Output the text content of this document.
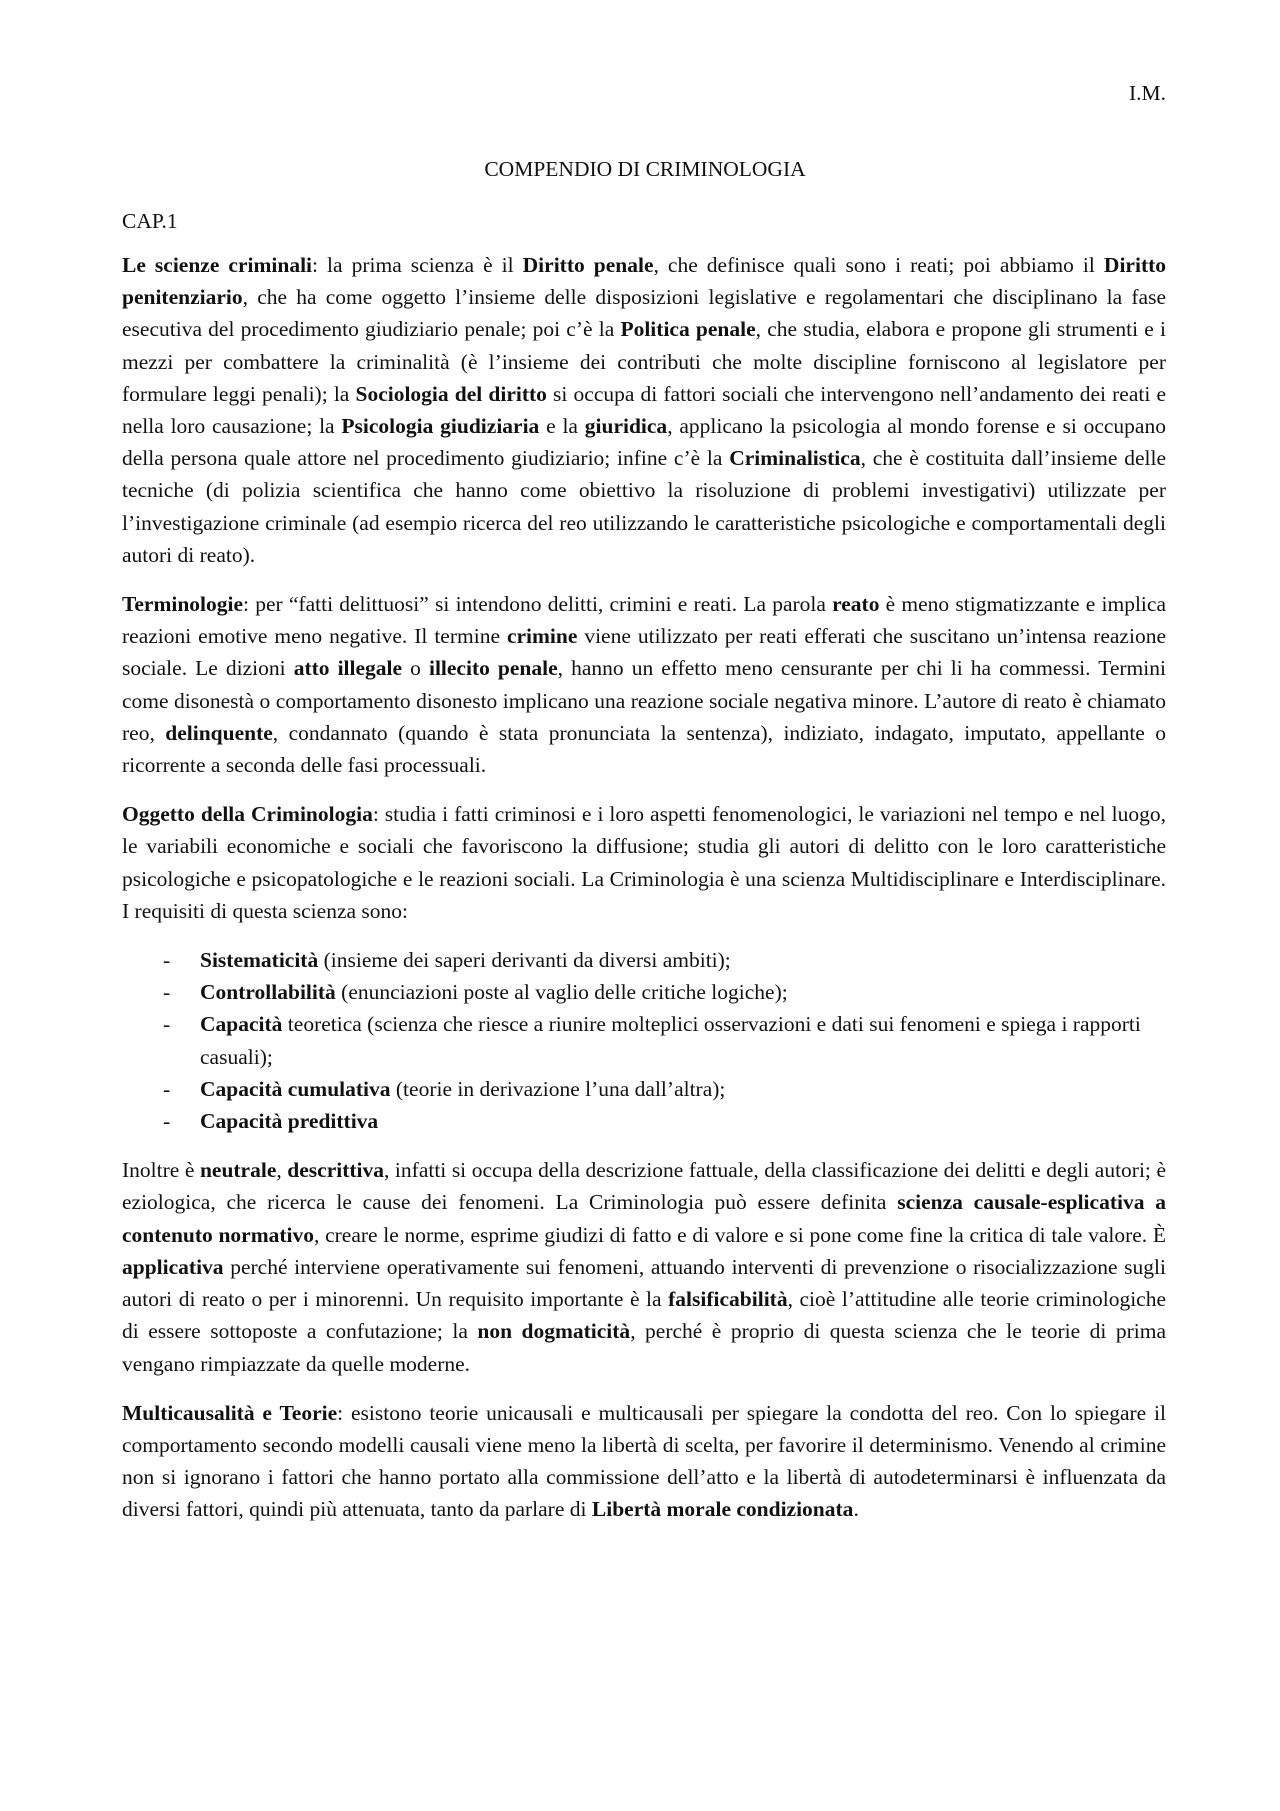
I.M.
COMPENDIO DI CRIMINOLOGIA
CAP.1

Le scienze criminali: la prima scienza è il Diritto penale, che definisce quali sono i reati; poi abbiamo il Diritto penitenziario, che ha come oggetto l’insieme delle disposizioni legislative e regolamentari che disciplinano la fase esecutiva del procedimento giudiziario penale; poi c’è la Politica penale, che studia, elabora e propone gli strumenti e i mezzi per combattere la criminalità (è l’insieme dei contributi che molte discipline forniscono al legislatore per formulare leggi penali); la Sociologia del diritto si occupa di fattori sociali che intervengono nell’andamento dei reati e nella loro causazione; la Psicologia giudiziaria e la giuridica, applicano la psicologia al mondo forense e si occupano della persona quale attore nel procedimento giudiziario; infine c’è la Criminalistica, che è costituita dall’insieme delle tecniche (di polizia scientifica che hanno come obiettivo la risoluzione di problemi investigativi) utilizzate per l’investigazione criminale (ad esempio ricerca del reo utilizzando le caratteristiche psicologiche e comportamentali degli autori di reato).

Terminologie: per “fatti delittuosi” si intendono delitti, crimini e reati. La parola reato è meno stigmatizzante e implica reazioni emotive meno negative. Il termine crimine viene utilizzato per reati efferati che suscitano un’intensa reazione sociale. Le dizioni atto illegale o illecito penale, hanno un effetto meno censurante per chi li ha commessi. Termini come disonestà o comportamento disonesto implicano una reazione sociale negativa minore. L’autore di reato è chiamato reo, delinquente, condannato (quando è stata pronunciata la sentenza), indiziato, indagato, imputato, appellante o ricorrente a seconda delle fasi processuali.

Oggetto della Criminologia: studia i fatti criminosi e i loro aspetti fenomenologici, le variazioni nel tempo e nel luogo, le variabili economiche e sociali che favoriscono la diffusione; studia gli autori di delitto con le loro caratteristiche psicologiche e psicopatologiche e le reazioni sociali. La Criminologia è una scienza Multidisciplinare e Interdisciplinare. I requisiti di questa scienza sono:

- Sistematicità (insieme dei saperi derivanti da diversi ambiti);
- Controllabilità (enunciazioni poste al vaglio delle critiche logiche);
- Capacità teoretica (scienza che riesce a riunire molteplici osservazioni e dati sui fenomeni e spiega i rapporti casuali);
- Capacità cumulativa (teorie in derivazione l’una dall’altra);
- Capacità predittiva

Inoltre è neutrale, descrittiva, infatti si occupa della descrizione fattuale, della classificazione dei delitti e degli autori; è eziologica, che ricerca le cause dei fenomeni. La Criminologia può essere definita scienza causale-esplicativa a contenuto normativo, creare le norme, esprime giudizi di fatto e di valore e si pone come fine la critica di tale valore. È applicativa perché interviene operativamente sui fenomeni, attuando interventi di prevenzione o risocializzazione sugli autori di reato o per i minorenni. Un requisito importante è la falsificabilità, cioè l’attitudine alle teorie criminologiche di essere sottoposte a confutazione; la non dogmaticità, perché è proprio di questa scienza che le teorie di prima vengano rimpiazzate da quelle moderne.

Multicausalità e Teorie: esistono teorie unicausali e multicausali per spiegare la condotta del reo. Con lo spiegare il comportamento secondo modelli causali viene meno la libertà di scelta, per favorire il determinismo. Venendo al crimine non si ignorano i fattori che hanno portato alla commissione dell’atto e la libertà di autodeterminarsi è influenzata da diversi fattori, quindi più attenuata, tanto da parlare di Libertà morale condizionata.
